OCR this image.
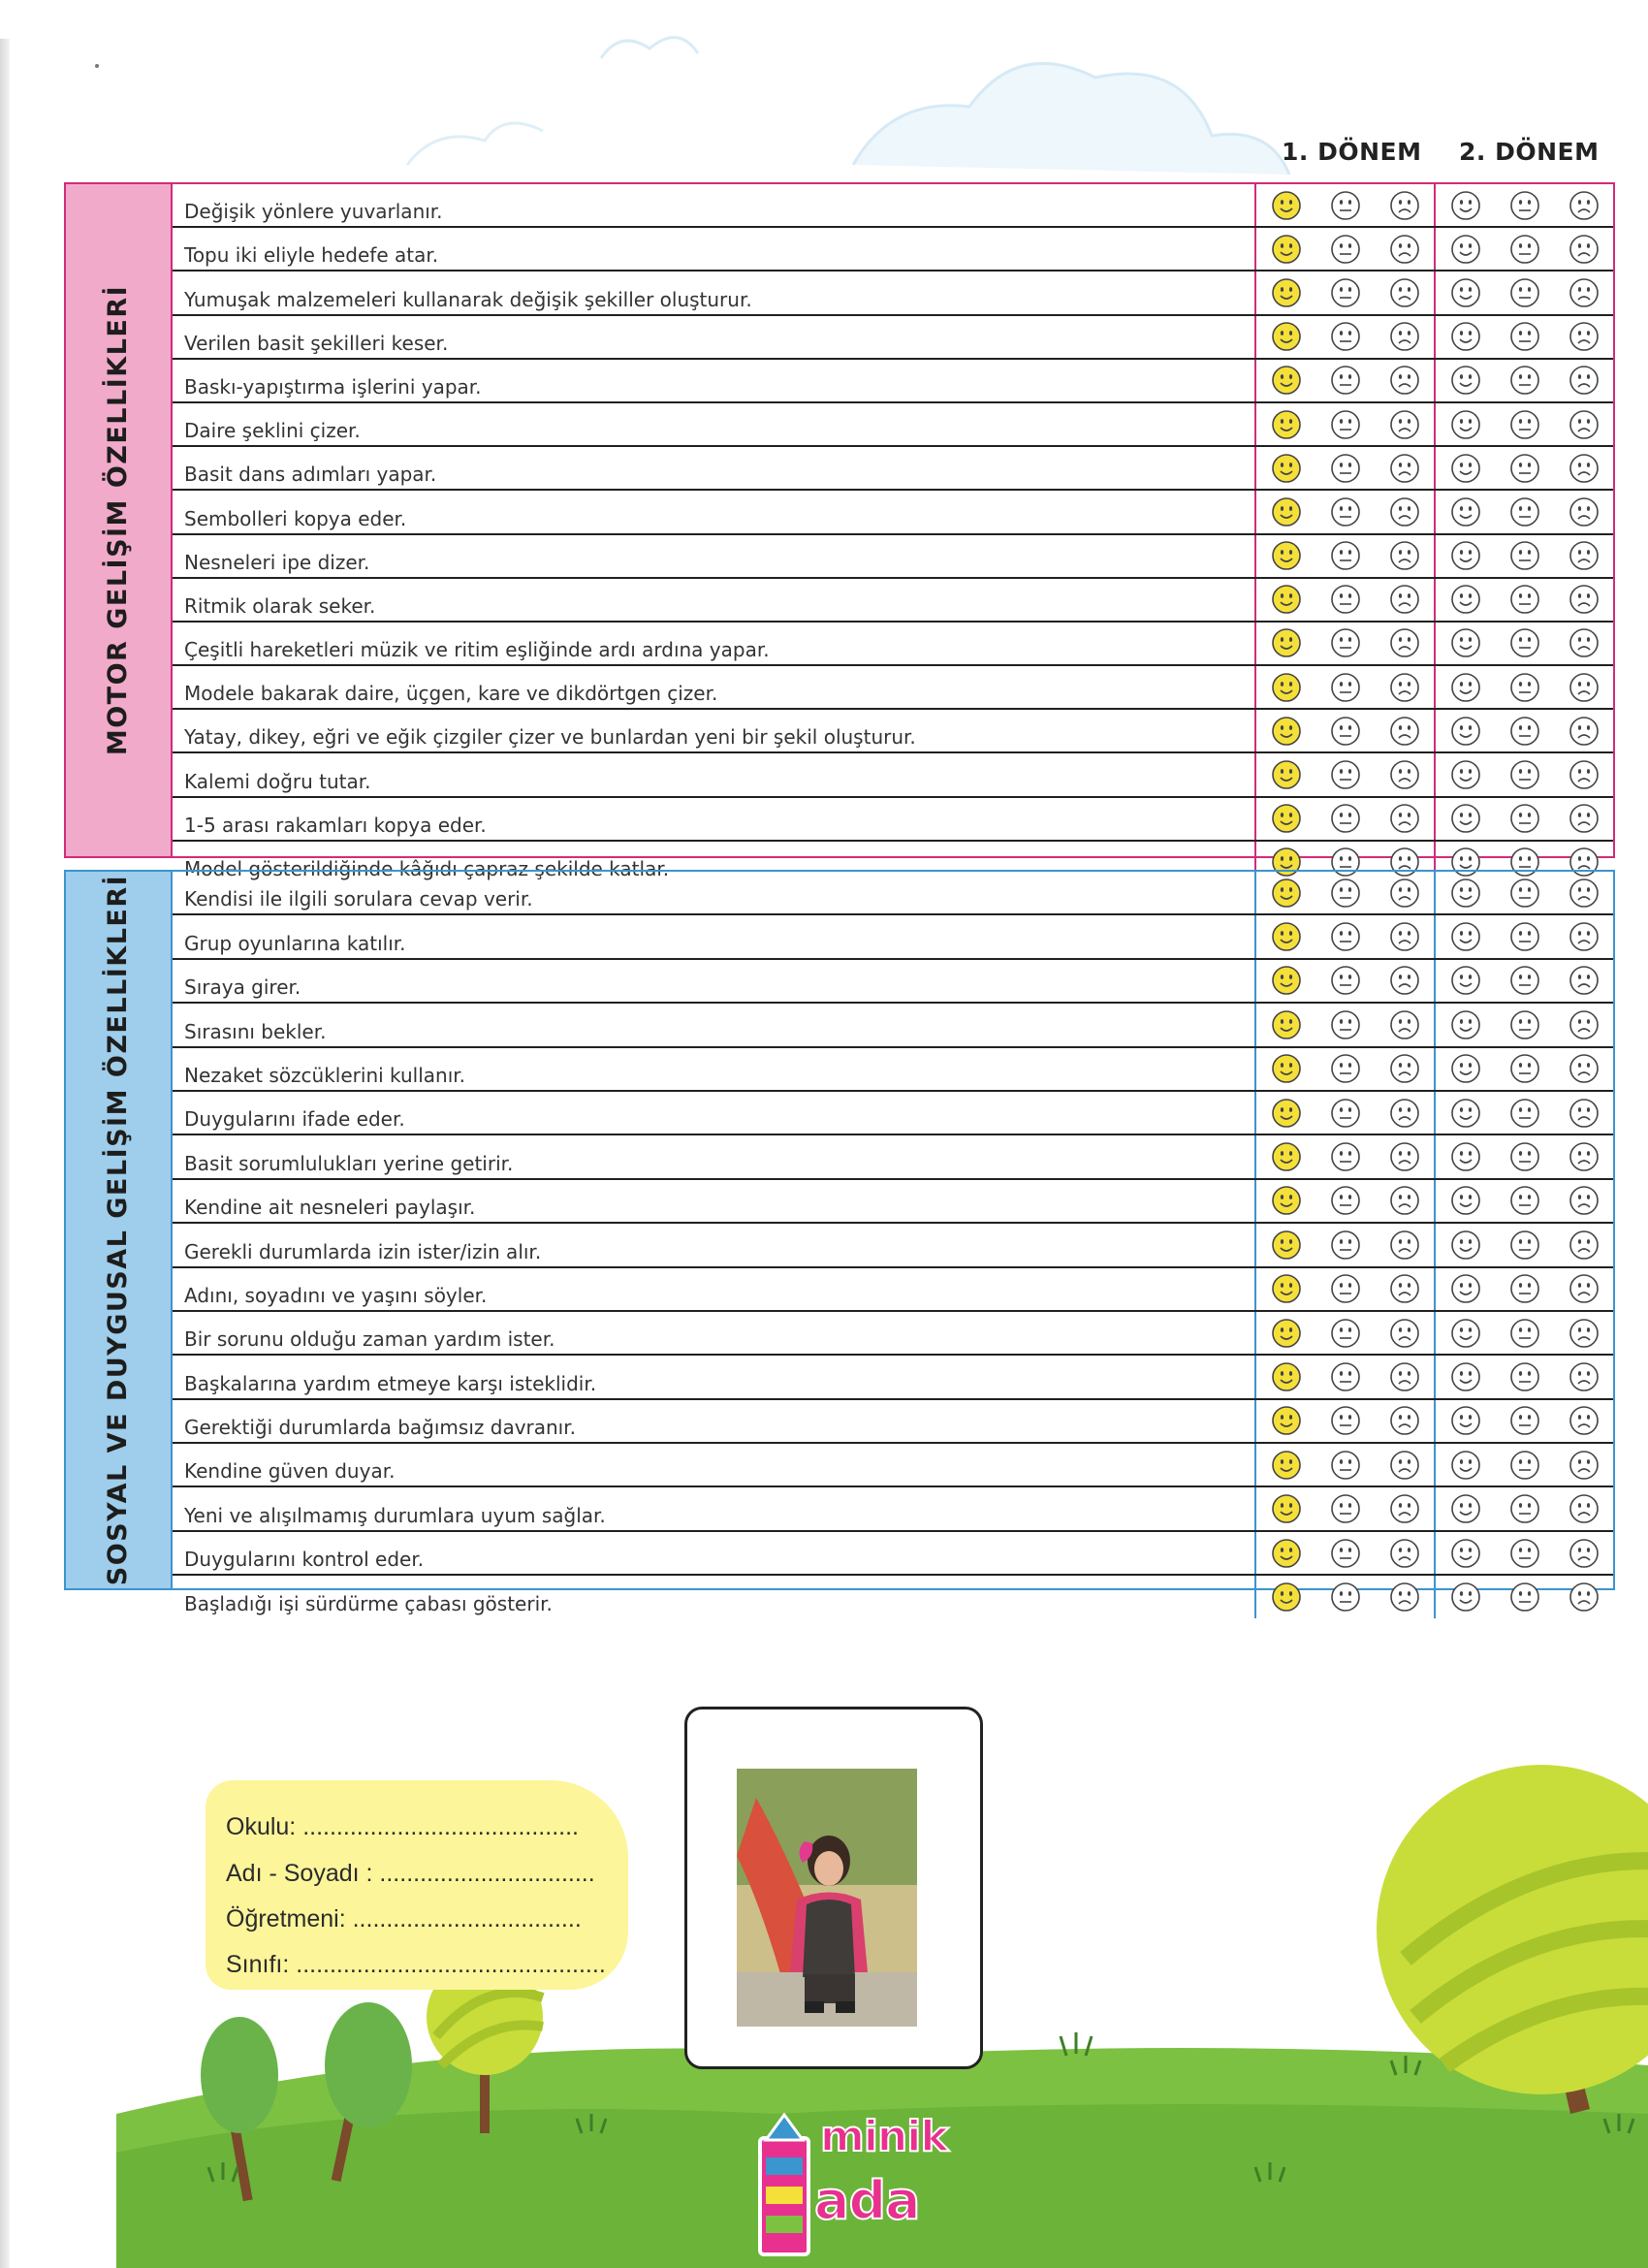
1. DÖNEM 2. DÖNEM
MOTOR GELİŞİM ÖZELLİKLERİ
Değişik yönlere yuvarlanır.
Topu iki eliyle hedefe atar.
Yumuşak malzemeleri kullanarak değişik şekiller oluşturur.
Verilen basit şekilleri keser.
Baskı-yapıştırma işlerini yapar.
Daire şeklini çizer.
Basit dans adımları yapar.
Sembolleri kopya eder.
Nesneleri ipe dizer.
Ritmik olarak seker.
Çeşitli hareketleri müzik ve ritim eşliğinde ardı ardına yapar.
Modele bakarak daire, üçgen, kare ve dikdörtgen çizer.
Yatay, dikey, eğri ve eğik çizgiler çizer ve bunlardan yeni bir şekil oluşturur.
Kalemi doğru tutar.
1-5 arası rakamları kopya eder.
Model gösterildiğinde kâğıdı çapraz şekilde katlar.
SOSYAL VE DUYGUSAL GELİŞİM ÖZELLİKLERİ	Kendisi ile ilgili sorulara cevap verir.
Grup oyunlarına katılır.
Sıraya girer.
Sırasını bekler.
Nezaket sözcüklerini kullanır.
Duygularını ifade eder.
Basit sorumlulukları yerine getirir.
Kendine ait nesneleri paylaşır.
Gerekli durumlarda izin ister/izin alır.
Adını, soyadını ve yaşını söyler.
Bir sorunu olduğu zaman yardım ister.
Başkalarına yardım etmeye karşı isteklidir.
Gerektiği durumlarda bağımsız davranır.
Kendine güven duyar.
Yeni ve alışılmamış durumlara uyum sağlar.
Duygularını kontrol eder.
Başladığı işi sürdürme çabası gösterir.
Okulu: .........................................
Adı - Soyadı : ................................
Öğretmeni: ..................................
Sınıfı: ..............................................
minik
ada
